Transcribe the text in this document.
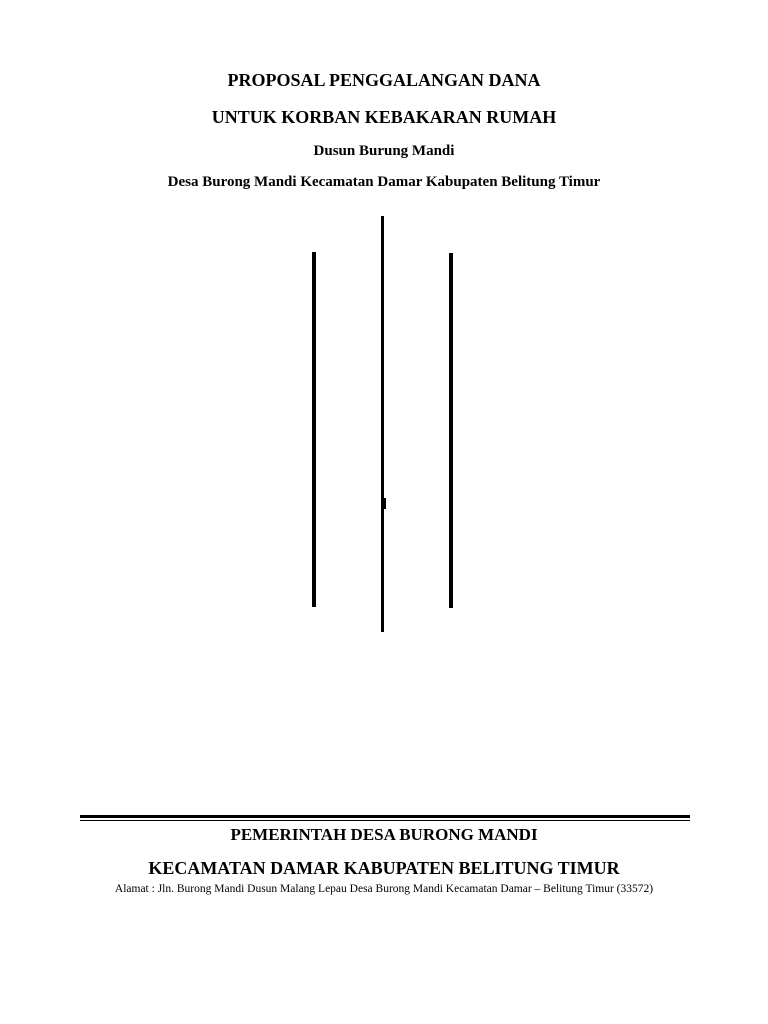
PROPOSAL PENGGALANGAN DANA
UNTUK KORBAN KEBAKARAN RUMAH
Dusun Burung Mandi
Desa Burong Mandi Kecamatan Damar Kabupaten Belitung Timur
PEMERINTAH DESA BURONG MANDI
KECAMATAN DAMAR KABUPATEN BELITUNG TIMUR
Alamat : Jln. Burong Mandi Dusun Malang Lepau Desa Burong Mandi Kecamatan Damar – Belitung Timur (33572)
